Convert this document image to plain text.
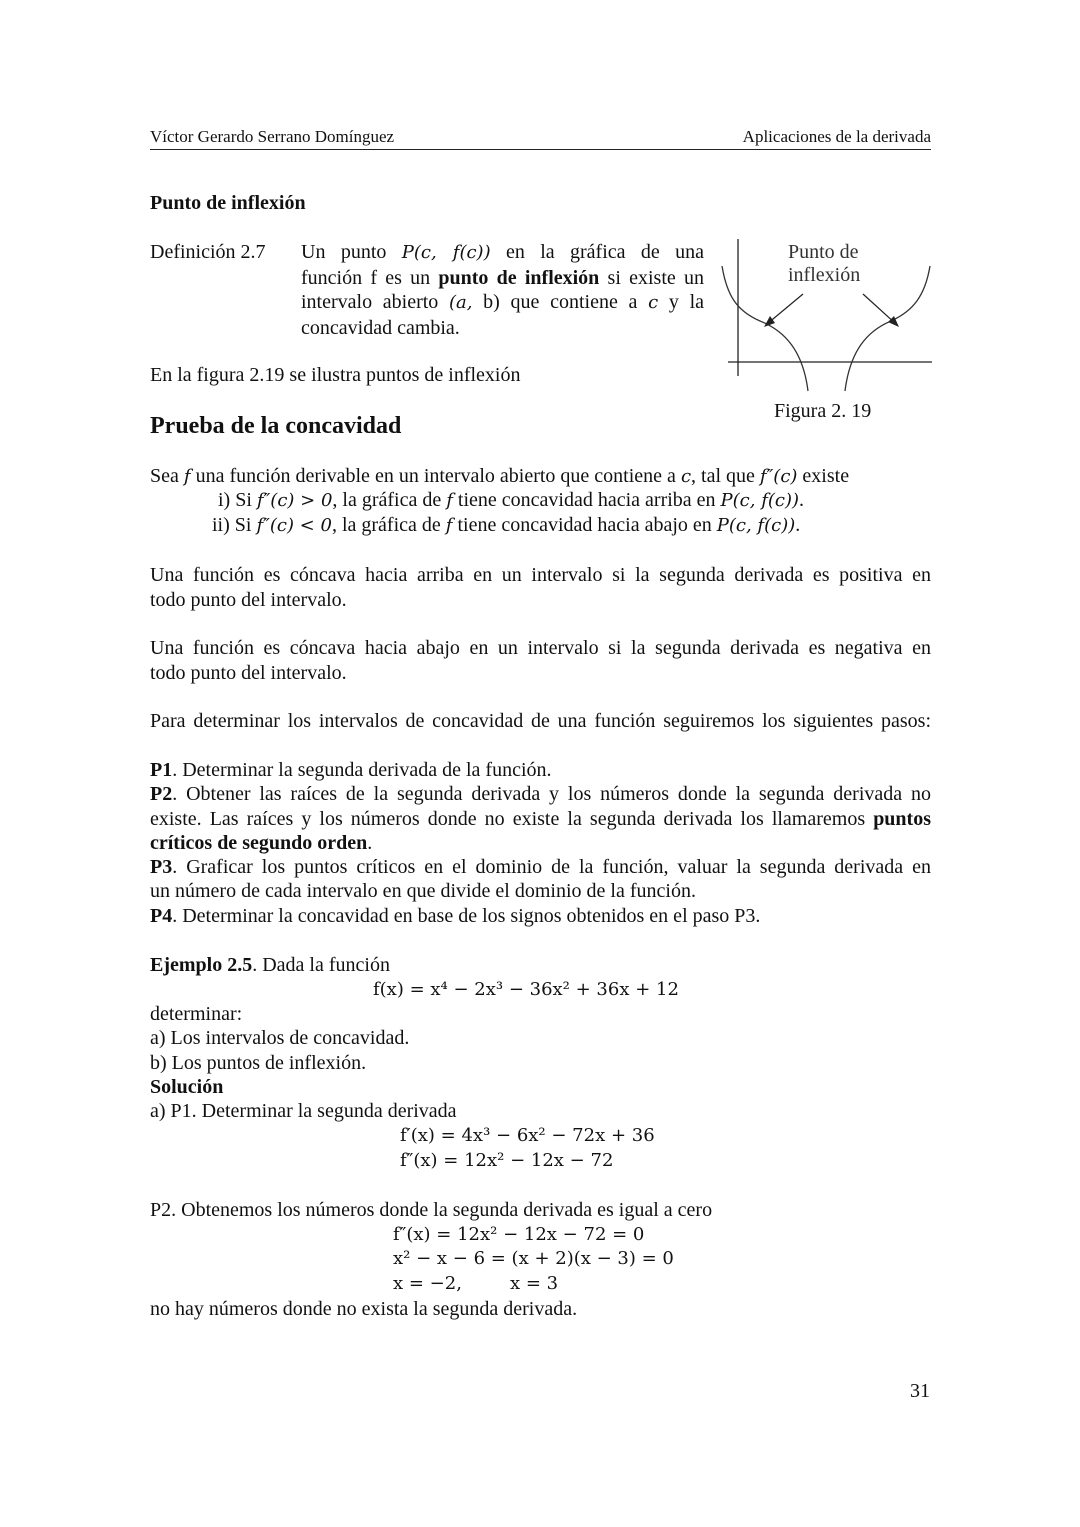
Víctor Gerardo Serrano Domínguez	Aplicaciones de la derivada
Punto de inflexión
Definición 2.7 Un punto P(c, f(c)) en la gráfica de una
función f es un punto de inflexión si existe un
intervalo abierto (a, b) que contiene a c y la
concavidad cambia.
En la figura 2.19 se ilustra puntos de inflexión
Punto de
inflexión
Figura 2. 19
Prueba de la concavidad
Sea f una función derivable en un intervalo abierto que contiene a c, tal que f″(c) existe
i) Si f″(c) > 0, la gráfica de f tiene concavidad hacia arriba en P(c, f(c)).
ii) Si f″(c) < 0, la gráfica de f tiene concavidad hacia abajo en P(c, f(c)).
Una función es cóncava hacia arriba en un intervalo si la segunda derivada es positiva en
todo punto del intervalo.
Una función es cóncava hacia abajo en un intervalo si la segunda derivada es negativa en
todo punto del intervalo.
Para determinar los intervalos de concavidad de una función seguiremos los siguientes pasos:
P1. Determinar la segunda derivada de la función.
P2. Obtener las raíces de la segunda derivada y los números donde la segunda derivada no
existe. Las raíces y los números donde no existe la segunda derivada los llamaremos puntos
críticos de segundo orden.
P3. Graficar los puntos críticos en el dominio de la función, valuar la segunda derivada en
un número de cada intervalo en que divide el dominio de la función.
P4. Determinar la concavidad en base de los signos obtenidos en el paso P3.
Ejemplo 2.5. Dada la función
f(x) = x⁴ − 2x³ − 36x² + 36x + 12
determinar:
a) Los intervalos de concavidad.
b) Los puntos de inflexión.
Solución
a) P1. Determinar la segunda derivada
f′(x) = 4x³ − 6x² − 72x + 36
f″(x) = 12x² − 12x − 72
P2. Obtenemos los números donde la segunda derivada es igual a cero
f″(x) = 12x² − 12x − 72 = 0
x² − x − 6 = (x + 2)(x − 3) = 0
x = −2,	x = 3
no hay números donde no exista la segunda derivada.
31
